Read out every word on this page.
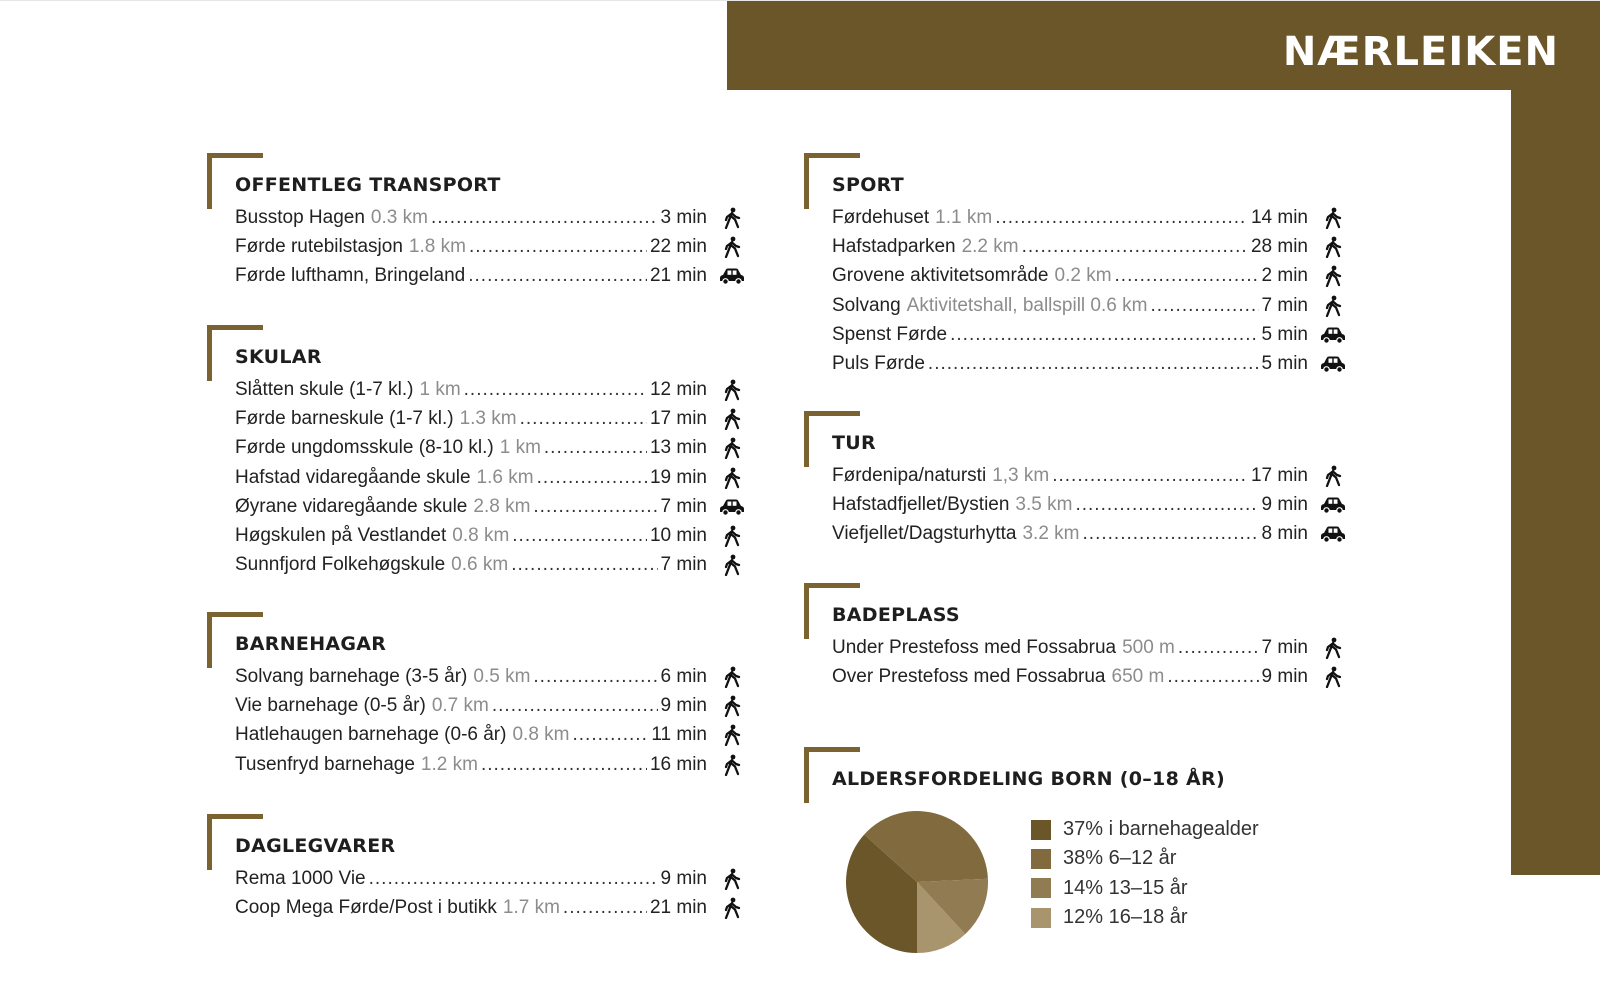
NÆRLEIKEN
OFFENTLEG TRANSPORT
Busstop Hagen 0.3 km .....	3 min
Førde rutebilstasjon 1.8 km .....	22 min
Førde lufthamn, Bringeland .....	21 min
SKULAR
Slåtten skule (1-7 kl.) 1 km .....	12 min
Førde barneskule (1-7 kl.) 1.3 km .....	17 min
Førde ungdomsskule (8-10 kl.) 1 km .....	13 min
Hafstad vidaregåande skule 1.6 km .....	19 min
Øyrane vidaregåande skule 2.8 km .....	7 min
Høgskulen på Vestlandet 0.8 km .....	10 min
Sunnfjord Folkehøgskule 0.6 km .....	7 min
BARNEHAGAR
Solvang barnehage (3-5 år) 0.5 km .....	6 min
Vie barnehage (0-5 år) 0.7 km .....	9 min
Hatlehaugen barnehage (0-6 år) 0.8 km .....	11 min
Tusenfryd barnehage 1.2 km .....	16 min
DAGLEGVARER
Rema 1000 Vie .....	9 min
Coop Mega Førde/Post i butikk 1.7 km .....	21 min
SPORT
Førdehuset 1.1 km .....	14 min
Hafstadparken 2.2 km .....	28 min
Grovene aktivitetsområde 0.2 km .....	2 min
Solvang Aktivitetshall, ballspill 0.6 km .....	7 min
Spenst Førde .....	5 min
Puls Førde .....	5 min
TUR
Førdenipa/natursti 1,3 km .....	17 min
Hafstadfjellet/Bystien 3.5 km .....	9 min
Viefjellet/Dagsturhytta 3.2 km .....	8 min
BADEPLASS
Under Prestefoss med Fossabrua 500 m .....	7 min
Over Prestefoss med Fossabrua 650 m .....	9 min
ALDERSFORDELING BORN (0–18 ÅR)
37% i barnehagealder
38% 6–12 år
14% 13–15 år
12% 16–18 år
